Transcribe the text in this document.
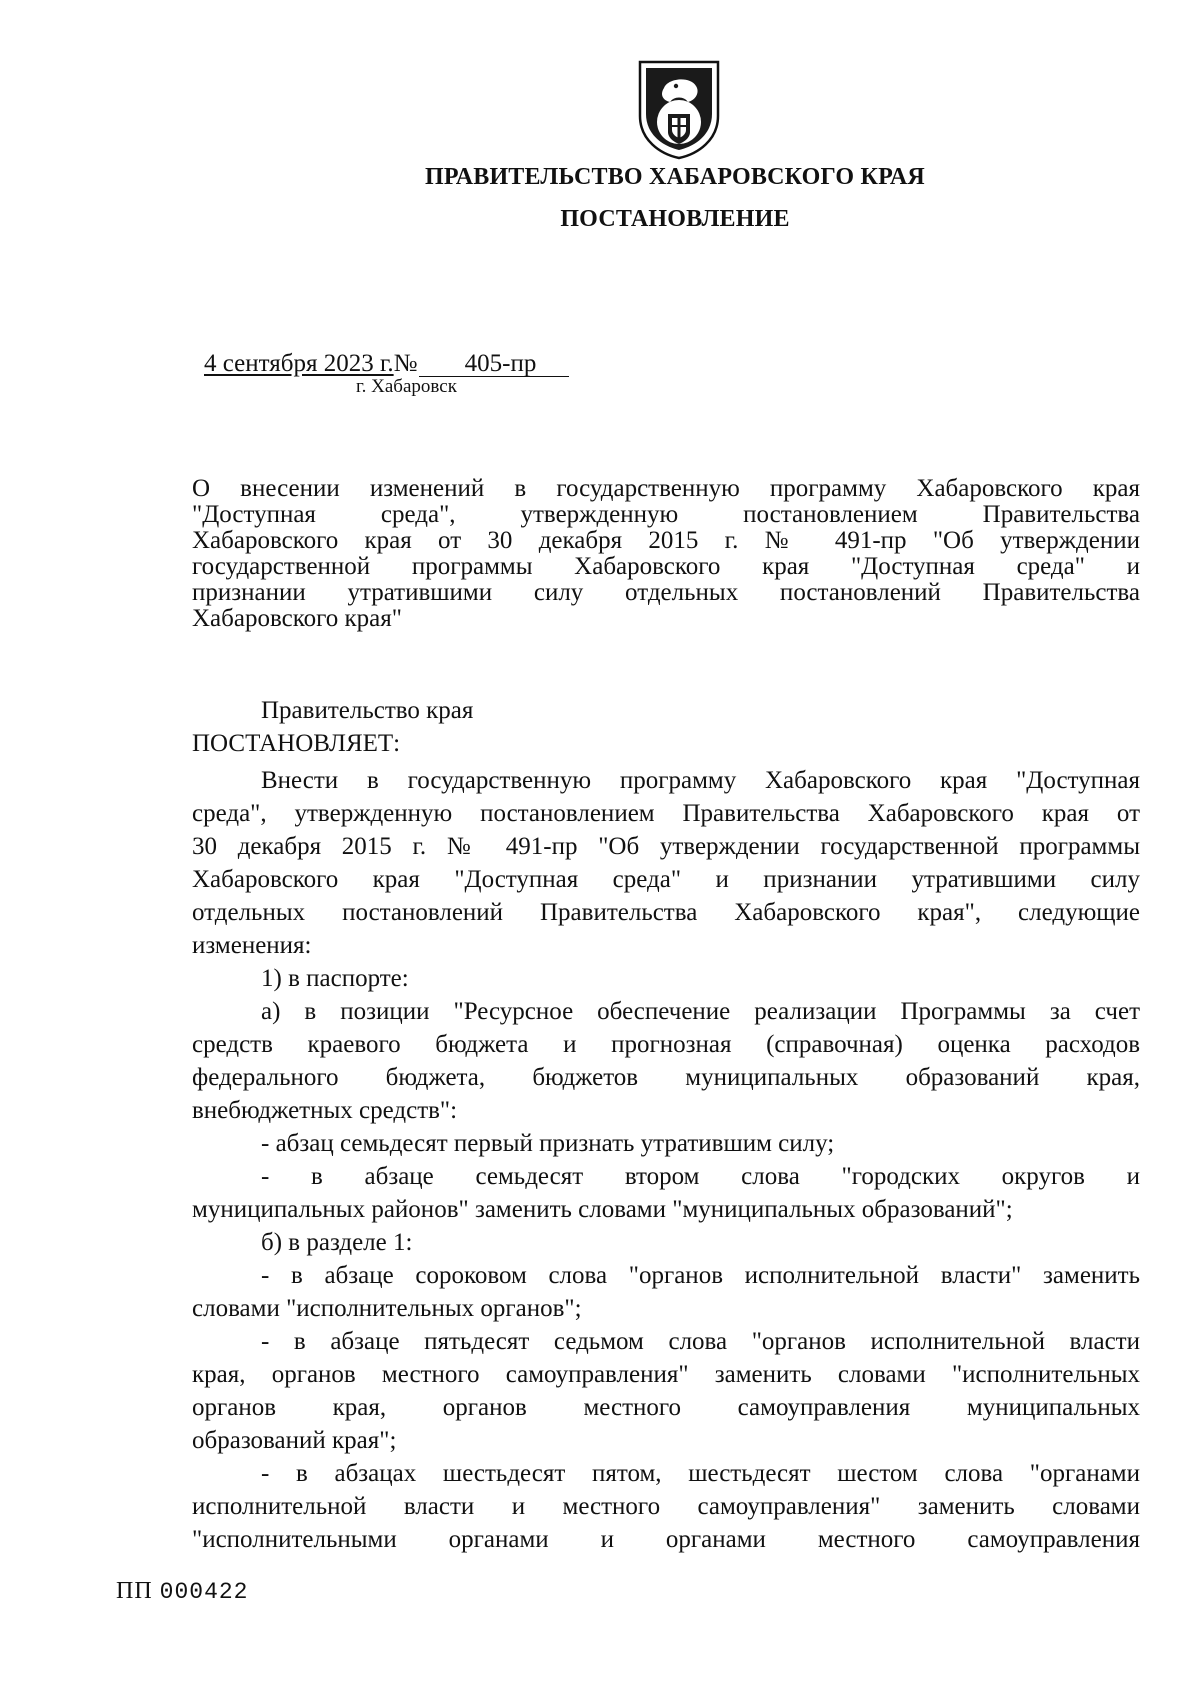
ПРАВИТЕЛЬСТВО ХАБАРОВСКОГО КРАЯ
ПОСТАНОВЛЕНИЕ
4 сентября 2023 г.№ 405-пр
г. Хабаровск

О внесении изменений в государственную программу Хабаровского края

"Доступная среда", утвержденную постановлением Правительства

Хабаровского края от 30 декабря 2015 г. № 491-пр "Об утверждении

государственной программы Хабаровского края "Доступная среда" и

признании утратившими силу отдельных постановлений Правительства

Хабаровского края"

Правительство края

ПОСТАНОВЛЯЕТ:

Внести в государственную программу Хабаровского края "Доступная

среда", утвержденную постановлением Правительства Хабаровского края от

30 декабря 2015 г. № 491-пр "Об утверждении государственной программы

Хабаровского края "Доступная среда" и признании утратившими силу

отдельных постановлений Правительства Хабаровского края", следующие

изменения:

1) в паспорте:

а) в позиции "Ресурсное обеспечение реализации Программы за счет

средств краевого бюджета и прогнозная (справочная) оценка расходов

федерального бюджета, бюджетов муниципальных образований края,

внебюджетных средств":

- абзац семьдесят первый признать утратившим силу;

- в абзаце семьдесят втором слова "городских округов и

муниципальных районов" заменить словами "муниципальных образований";

б) в разделе 1:

- в абзаце сороковом слова "органов исполнительной власти" заменить

словами "исполнительных органов";

- в абзаце пятьдесят седьмом слова "органов исполнительной власти

края, органов местного самоуправления" заменить словами "исполнительных

органов края, органов местного самоуправления муниципальных

образований края";

- в абзацах шестьдесят пятом, шестьдесят шестом слова "органами

исполнительной власти и местного самоуправления" заменить словами

"исполнительными органами и органами местного самоуправления

ПП 000422
